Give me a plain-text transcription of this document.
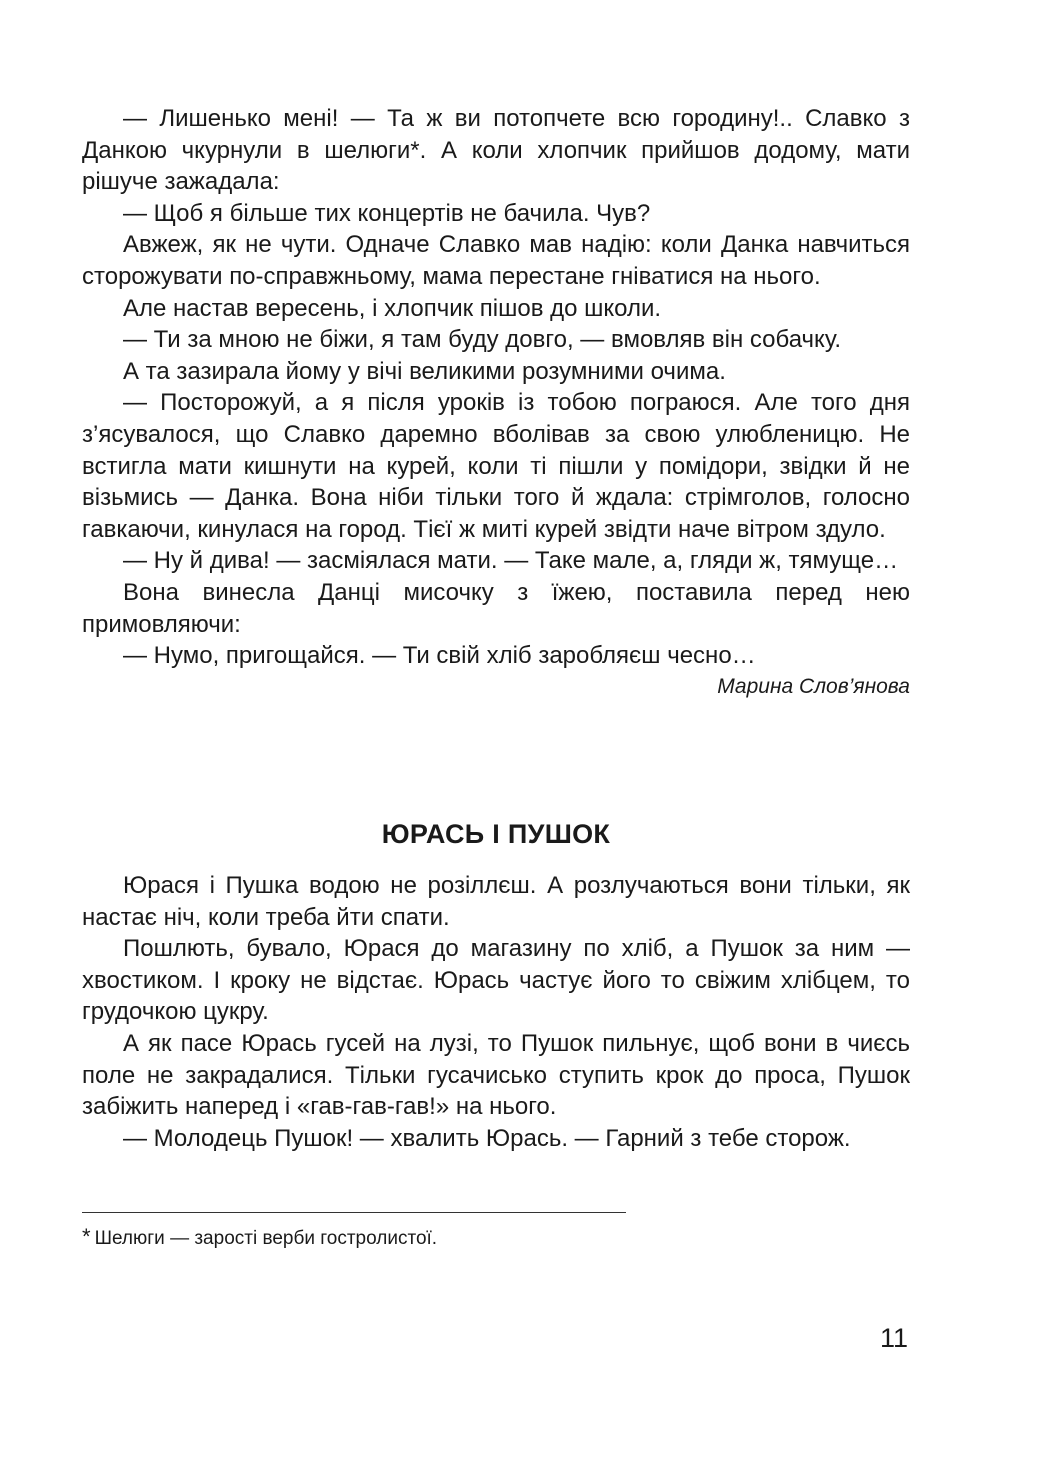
— Лишенько мені! — Та ж ви потопчете всю городину!.. Славко з Данкою чкурнули в шелюги*. А коли хлопчик прийшов додому, мати рішуче зажадала:

— Щоб я більше тих концертів не бачила. Чув?

Авжеж, як не чути. Одначе Славко мав надію: коли Данка навчиться сторожувати по-справжньому, мама перестане гніватися на нього.

Але настав вересень, і хлопчик пішов до школи.

— Ти за мною не біжи, я там буду довго, — вмовляв він собачку.

А та зазирала йому у вічі великими розумними очима.

— Посторожуй, а я після уроків із тобою пограюся. Але того дня з’ясувалося, що Славко даремно вболівав за свою улюбленицю. Не встигла мати кишнути на курей, коли ті пішли у помідори, звідки й не візьмись — Данка. Вона ніби тільки того й ждала: стрімголов, голосно гавкаючи, кинулася на город. Тієї ж миті курей звідти наче вітром здуло.

— Ну й дива! — засміялася мати. — Таке мале, а, гляди ж, тямуще…

Вона винесла Данці мисочку з їжею, поставила перед нею примовляючи:

— Нумо, пригощайся. — Ти свій хліб заробляєш чесно…

Марина Слов’янова

ЮРАСЬ І ПУШОК

Юрася і Пушка водою не розіллєш. А розлучаються вони тільки, як настає ніч, коли треба йти спати.

Пошлють, бувало, Юрася до магазину по хліб, а Пушок за ним — хвостиком. І кроку не відстає. Юрась частує його то свіжим хлібцем, то грудочкою цукру.

А як пасе Юрась гусей на лузі, то Пушок пильнує, щоб вони в чиєсь поле не закрадалися. Тільки гусачисько ступить крок до проса, Пушок забіжить наперед і «гав-гав-гав!» на нього.

— Молодець Пушок! — хвалить Юрась. — Гарний з тебе сторож.

* Шелюги — зарості верби гостролистої.

11
